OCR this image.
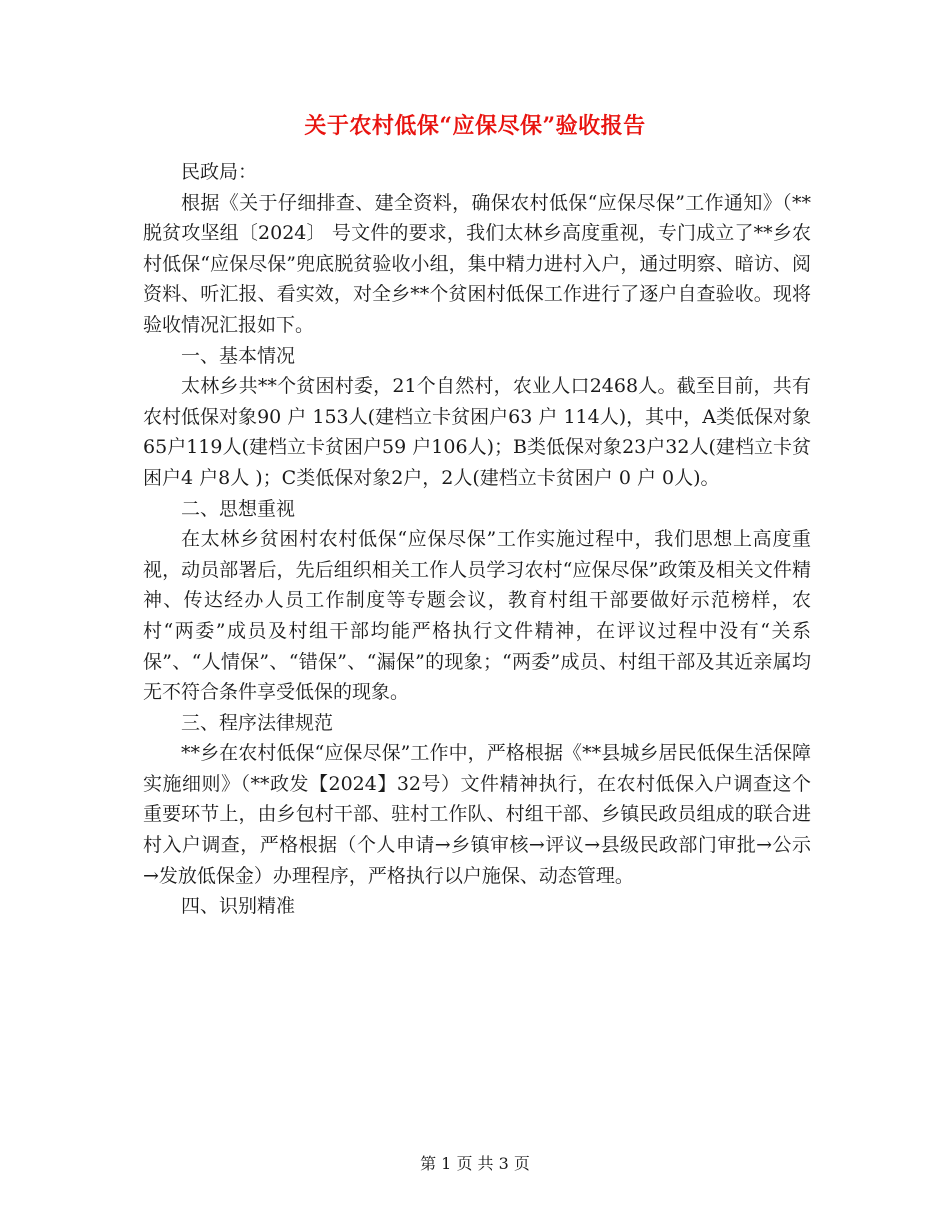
关于农村低保“应保尽保”验收报告

民政局：

根据《关于仔细排查、建全资料，确保农村低保“应保尽保”工作通知》（**脱贫攻坚组〔2024〕 号文件的要求，我们太林乡高度重视，专门成立了**乡农村低保“应保尽保”兜底脱贫验收小组，集中精力进村入户，通过明察、暗访、阅资料、听汇报、看实效，对全乡**个贫困村低保工作进行了逐户自查验收。现将验收情况汇报如下。

一、基本情况

太林乡共**个贫困村委，21个自然村，农业人口2468人。截至目前，共有农村低保对象90 户 153人(建档立卡贫困户63 户 114人)，其中，A类低保对象65户119人(建档立卡贫困户59 户106人)；B类低保对象23户32人(建档立卡贫困户4 户8人 )；C类低保对象2户，2人(建档立卡贫困户 0 户 0人)。

二、思想重视

在太林乡贫困村农村低保“应保尽保”工作实施过程中，我们思想上高度重视，动员部署后，先后组织相关工作人员学习农村“应保尽保”政策及相关文件精神、传达经办人员工作制度等专题会议，教育村组干部要做好示范榜样，农村“两委”成员及村组干部均能严格执行文件精神，在评议过程中没有“关系保”、“人情保”、“错保”、“漏保”的现象；“两委”成员、村组干部及其近亲属均无不符合条件享受低保的现象。

三、程序法律规范

**乡在农村低保“应保尽保”工作中，严格根据《**县城乡居民低保生活保障实施细则》（**政发【2024】32号）文件精神执行，在农村低保入户调查这个重要环节上，由乡包村干部、驻村工作队、村组干部、乡镇民政员组成的联合进村入户调查，严格根据（个人申请→乡镇审核→评议→县级民政部门审批→公示→发放低保金）办理程序，严格执行以户施保、动态管理。

四、识别精准

第 1 页 共 3 页
